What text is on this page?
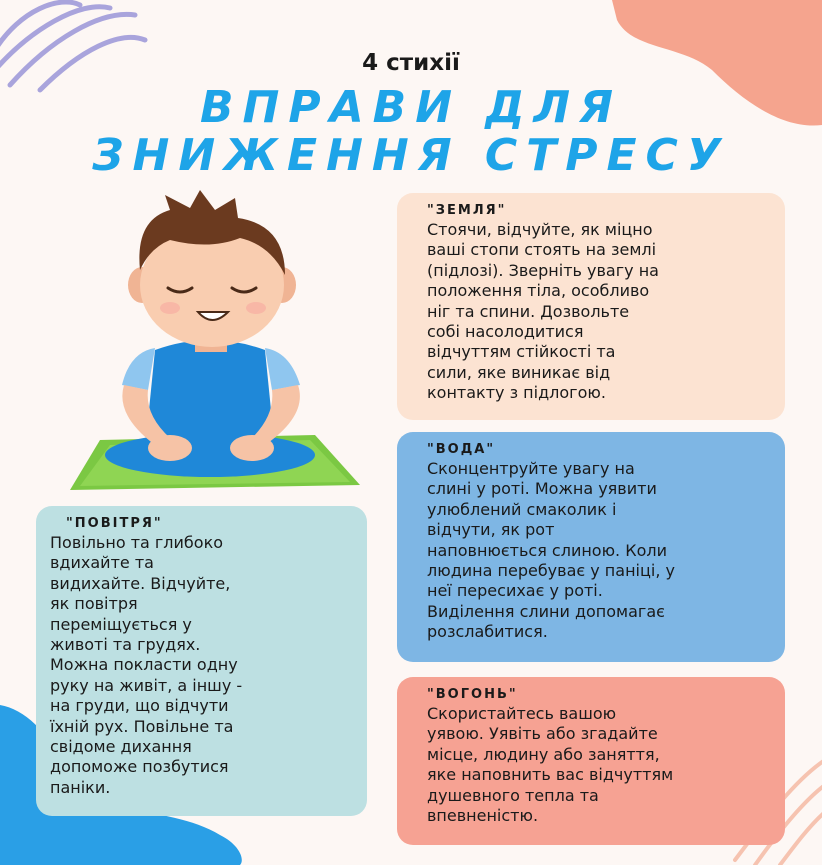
4 стихії
ВПРАВИ ДЛЯ
ЗНИЖЕННЯ СТРЕСУ
"ЗЕМЛЯ"

Стоячи, відчуйте, як міцно
ваші стопи стоять на землі
(підлозі). Зверніть увагу на
положення тіла, особливо
ніг та спини. Дозвольте
собі насолодитися
відчуттям стійкості та
сили, яке виникає від
контакту з підлогою.

"ВОДА"

Сконцентруйте увагу на
слині у роті. Можна уявити
улюблений смаколик і
відчути, як рот
наповнюється слиною. Коли
людина перебуває у паніці, у
неї пересихає у роті.
Виділення слини допомагає
розслабитися.

"ПОВІТРЯ"

Повільно та глибоко
вдихайте та
видихайте. Відчуйте,
як повітря
переміщується у
животі та грудях.
Можна покласти одну
руку на живіт, а іншу -
на груди, що відчути
їхній рух. Повільне та
свідоме дихання
допоможе позбутися
паніки.

"ВОГОНЬ"

Скористайтесь вашою
уявою. Уявіть або згадайте
місце, людину або заняття,
яке наповнить вас відчуттям
душевного тепла та
впевненістю.
